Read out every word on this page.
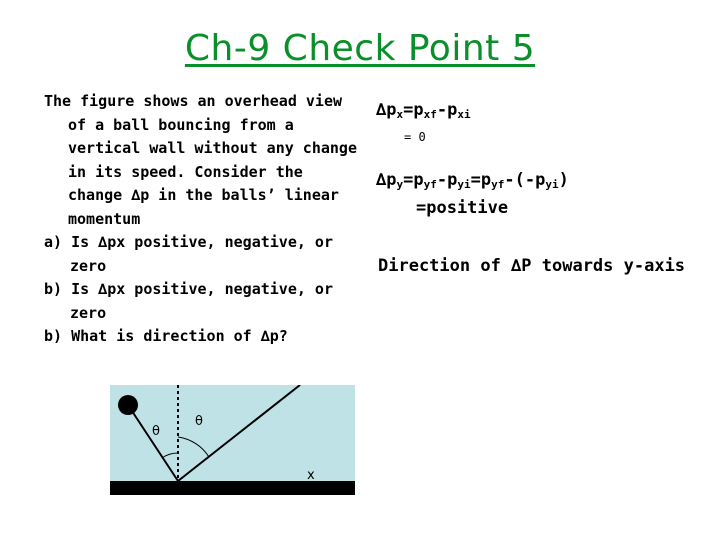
Ch-9 Check Point 5

The figure shows an overhead view of a ball bouncing from a vertical wall without any change in its speed. Consider the change ∆p in the balls’ linear momentum

a) Is ∆px positive, negative, or zero

b) Is ∆px positive, negative, or zero

b) What is direction of ∆p?

$\Delta p_x=p_{xf}-p_{xi}$
= 0
$\Delta p_y=p_{yf}-p_{yi}=p_{yf}-(-p_{yi})$
=positive
Direction of ∆P towards y-axis
θ
θ
x
